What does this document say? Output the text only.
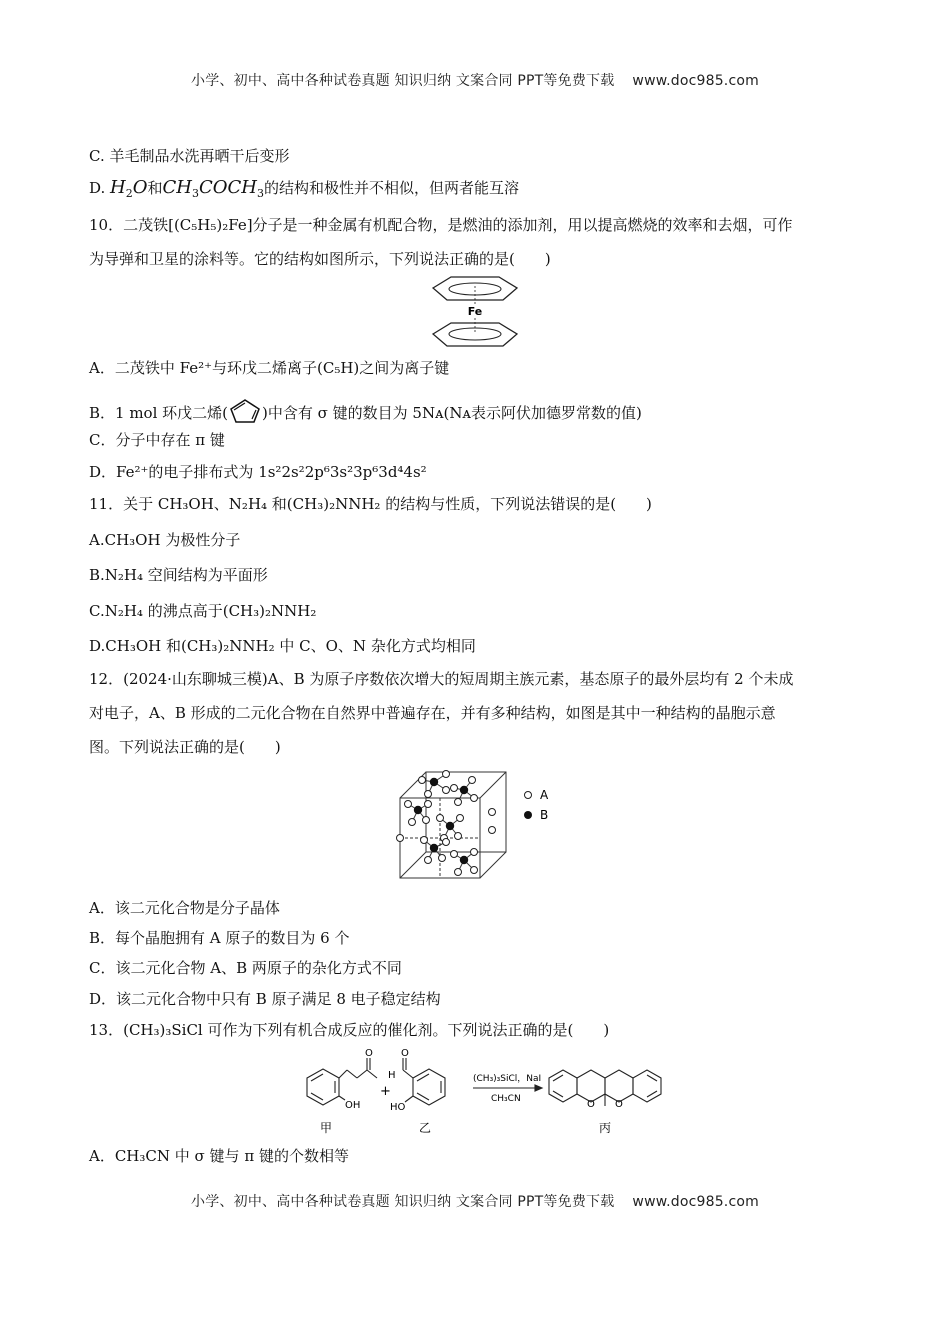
小学、初中、高中各种试卷真题 知识归纳 文案合同 PPT等免费下载 www.doc985.com
C. 羊毛制品水洗再晒干后变形
D. $H_2O$和$CH_3COCH_3$的结构和极性并不相似，但两者能互溶
10．二茂铁[(C₅H₅)₂Fe]分子是一种金属有机配合物，是燃油的添加剂，用以提高燃烧的效率和去烟，可作
为导弹和卫星的涂料等。它的结构如图所示，下列说法正确的是(　　)
Fe
A．二茂铁中 Fe²⁺与环戊二烯离子(C₅H)之间为离子键
B．1 mol 环戊二烯( )中含有 σ 键的数目为 5Nᴀ(Nᴀ表示阿伏加德罗常数的值)
C．分子中存在 π 键
D．Fe²⁺的电子排布式为 1s²2s²2p⁶3s²3p⁶3d⁴4s²
11．关于 CH₃OH、N₂H₄ 和(CH₃)₂NNH₂ 的结构与性质，下列说法错误的是(　　)
A.CH₃OH 为极性分子
B.N₂H₄ 空间结构为平面形
C.N₂H₄ 的沸点高于(CH₃)₂NNH₂
D.CH₃OH 和(CH₃)₂NNH₂ 中 C、O、N 杂化方式均相同
12．(2024·山东聊城三模)A、B 为原子序数依次增大的短周期主族元素，基态原子的最外层均有 2 个未成
对电子，A、B 形成的二元化合物在自然界中普遍存在，并有多种结构，如图是其中一种结构的晶胞示意
图。下列说法正确的是(　　)
A
B
A．该二元化合物是分子晶体
B．每个晶胞拥有 A 原子的数目为 6 个
C．该二元化合物 A、B 两原子的杂化方式不同
D．该二元化合物中只有 B 原子满足 8 电子稳定结构
13．(CH₃)₃SiCl 可作为下列有机合成反应的催化剂。下列说法正确的是(　　)
O	O
H
OH	HO
+
(CH₃)₃SiCl，NaI
CH₃CN	O O
甲	乙	丙
A．CH₃CN 中 σ 键与 π 键的个数相等
小学、初中、高中各种试卷真题 知识归纳 文案合同 PPT等免费下载 www.doc985.com
